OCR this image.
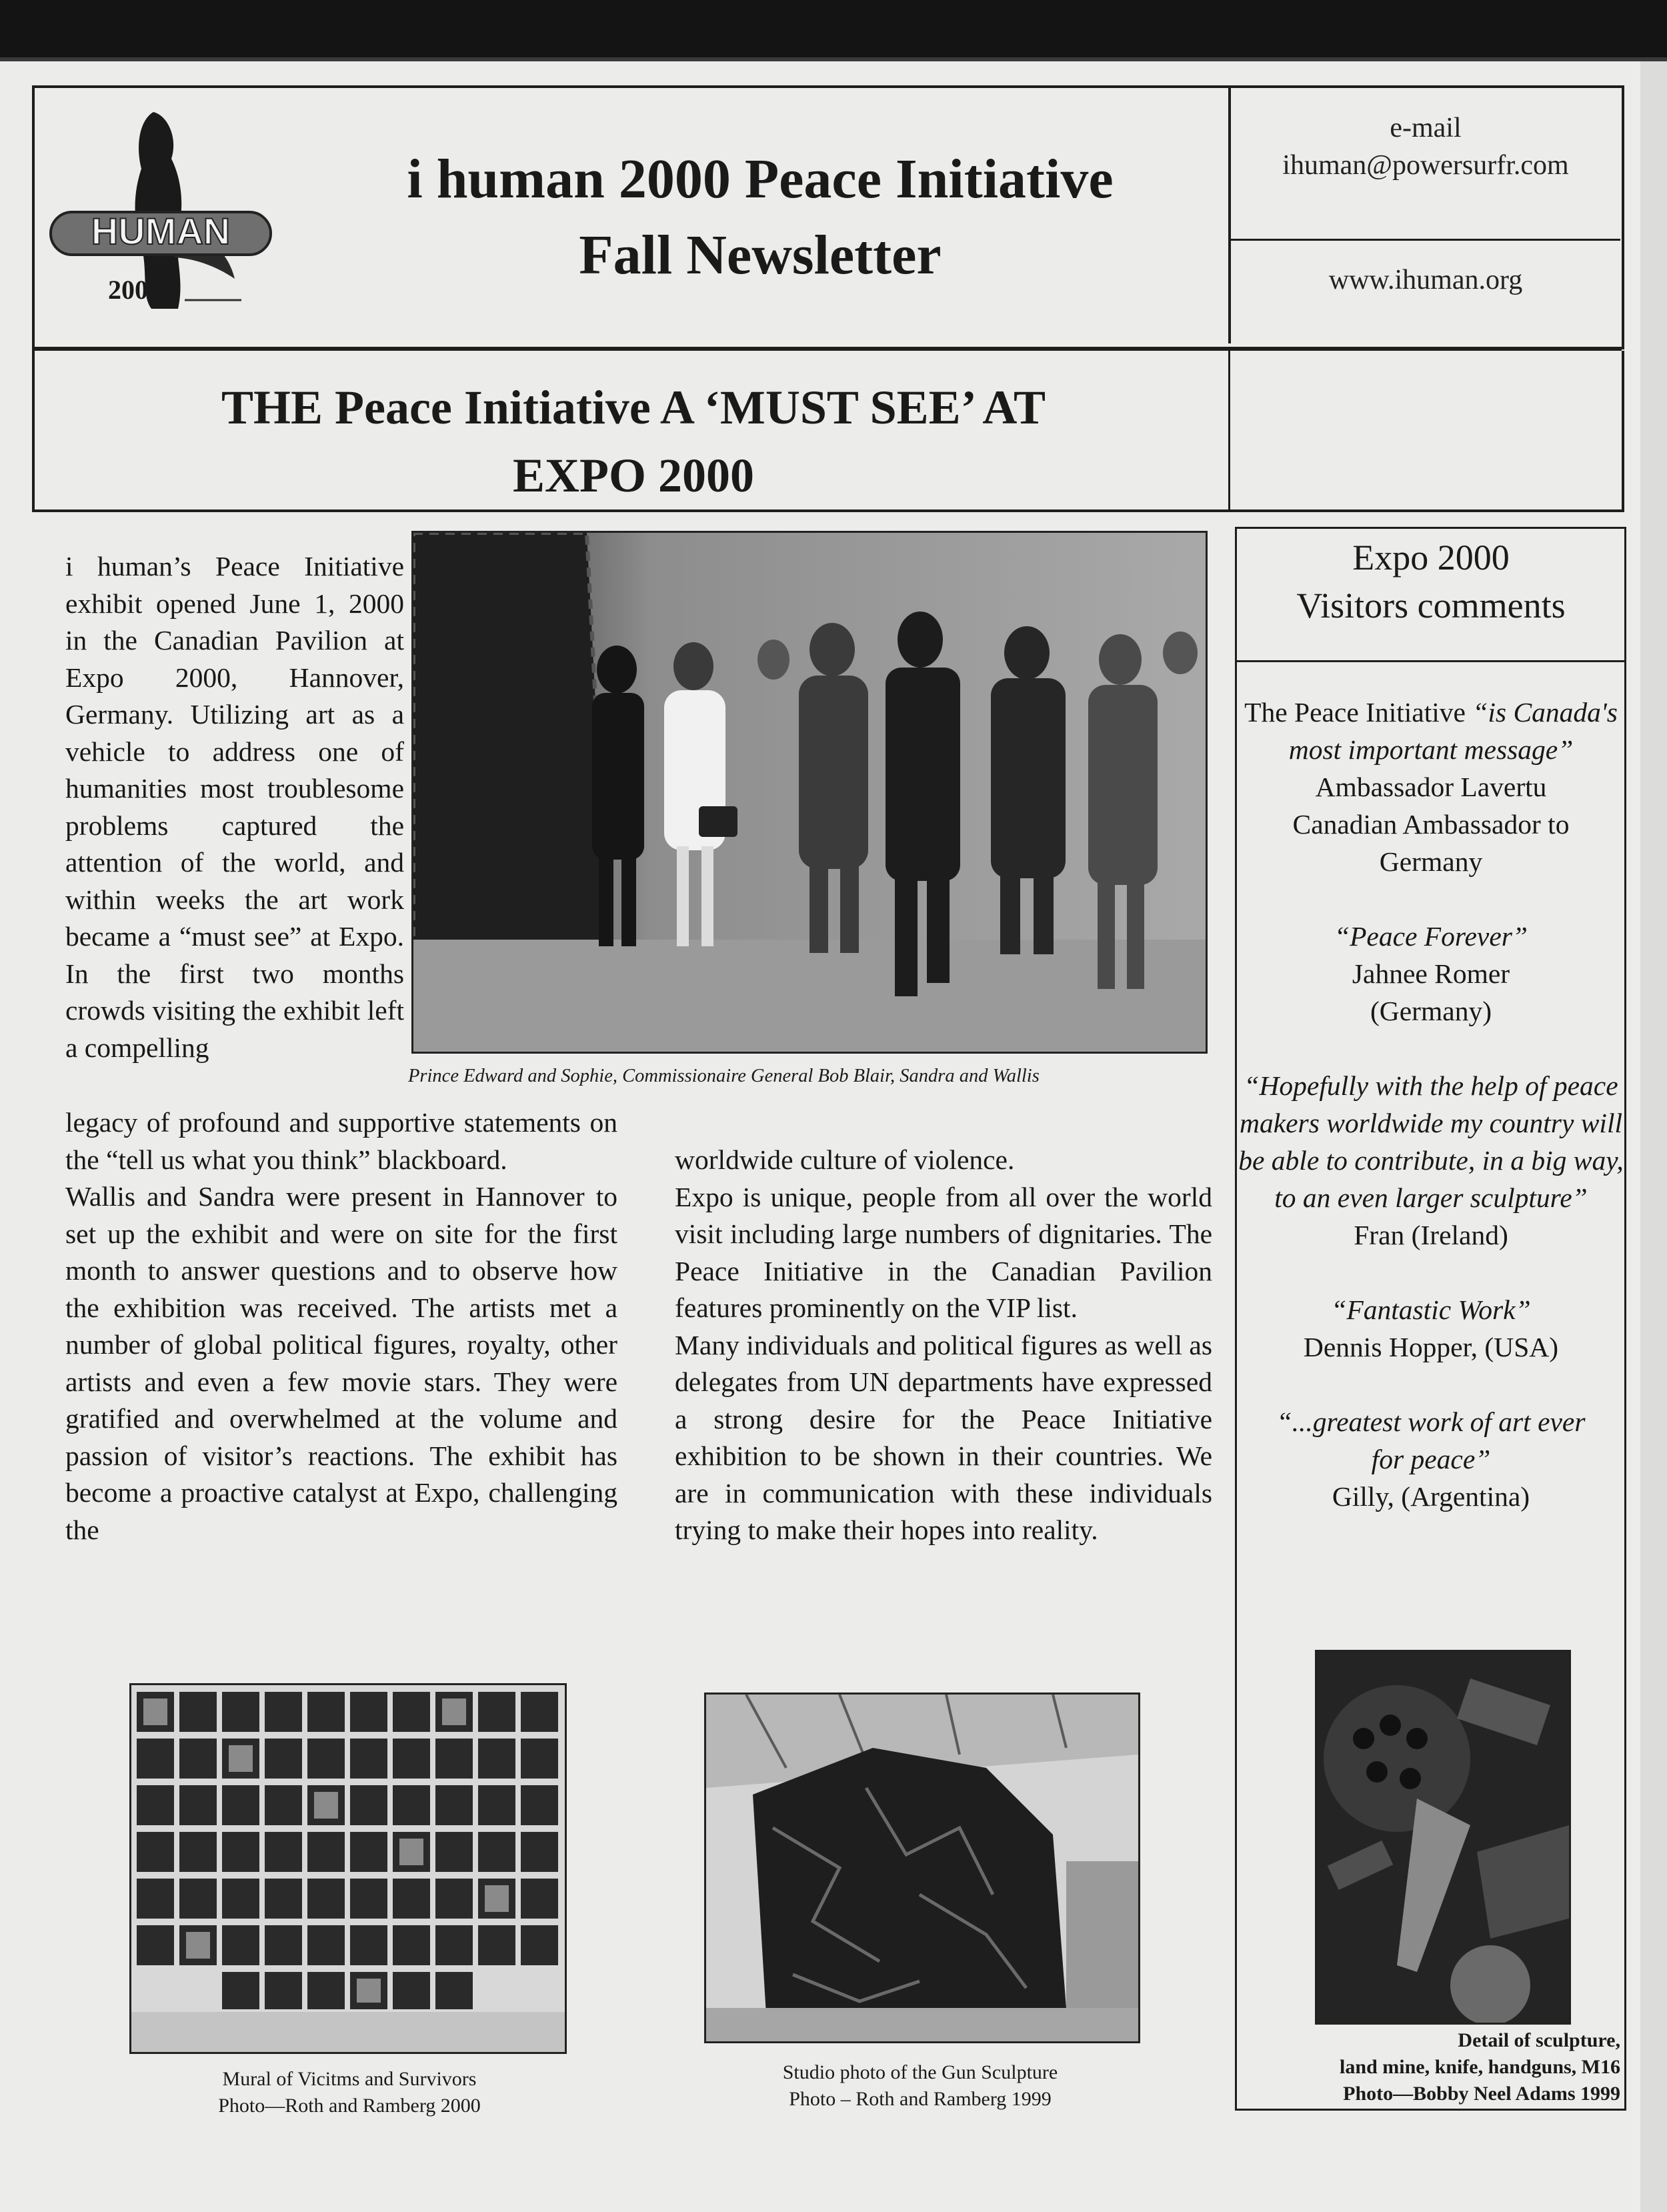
HUMAN
2000
i human 2000 Peace Initiative
Fall Newsletter
e-mail
ihuman@powersurfr.com
www.ihuman.org
THE Peace Initiative A ‘MUST SEE’ AT
EXPO 2000

i human’s Peace Initiative exhibit opened June 1, 2000 in the Canadian Pavilion at Expo 2000, Hannover, Germany. Utilizing art as a vehicle to address one of humanities most troublesome problems captured the attention of the world, and within weeks the art work became a “must see” at Expo. In the first two months crowds visiting the exhibit left a compelling

Prince Edward and Sophie, Commissionaire General Bob Blair, Sandra and Wallis

legacy of profound and supportive statements on the “tell us what you think” blackboard.

Wallis and Sandra were present in Hannover to set up the exhibit and were on site for the first month to answer questions and to observe how the exhibition was received. The artists met a number of global political figures, royalty, other artists and even a few movie stars. They were gratified and overwhelmed at the volume and passion of visitor’s reactions. The exhibit has become a proactive catalyst at Expo, challenging the

worldwide culture of violence.

Expo is unique, people from all over the world visit including large numbers of dignitaries. The Peace Initiative in the Canadian Pavilion features prominently on the VIP list.

Many individuals and political figures as well as delegates from UN departments have expressed a strong desire for the Peace Initiative exhibition to be shown in their countries. We are in communication with these individuals trying to make their hopes into reality.

Expo 2000
Visitors comments
The Peace Initiative “is Canada's most important message”
Ambassador Lavertu Canadian Ambassador to Germany
“Peace Forever”
Jahnee Romer (Germany)
“Hopefully with the help of peace makers worldwide my country will be able to contribute, in a big way, to an even larger sculpture”
Fran (Ireland)
“Fantastic Work”
Dennis Hopper, (USA)
“...greatest work of art ever for peace”
Gilly, (Argentina)
Mural of Vicitms and Survivors
Photo—Roth and Ramberg 2000
Studio photo of the Gun Sculpture
Photo – Roth and Ramberg 1999
Detail of sculpture,
land mine, knife, handguns, M16
Photo—Bobby Neel Adams 1999
